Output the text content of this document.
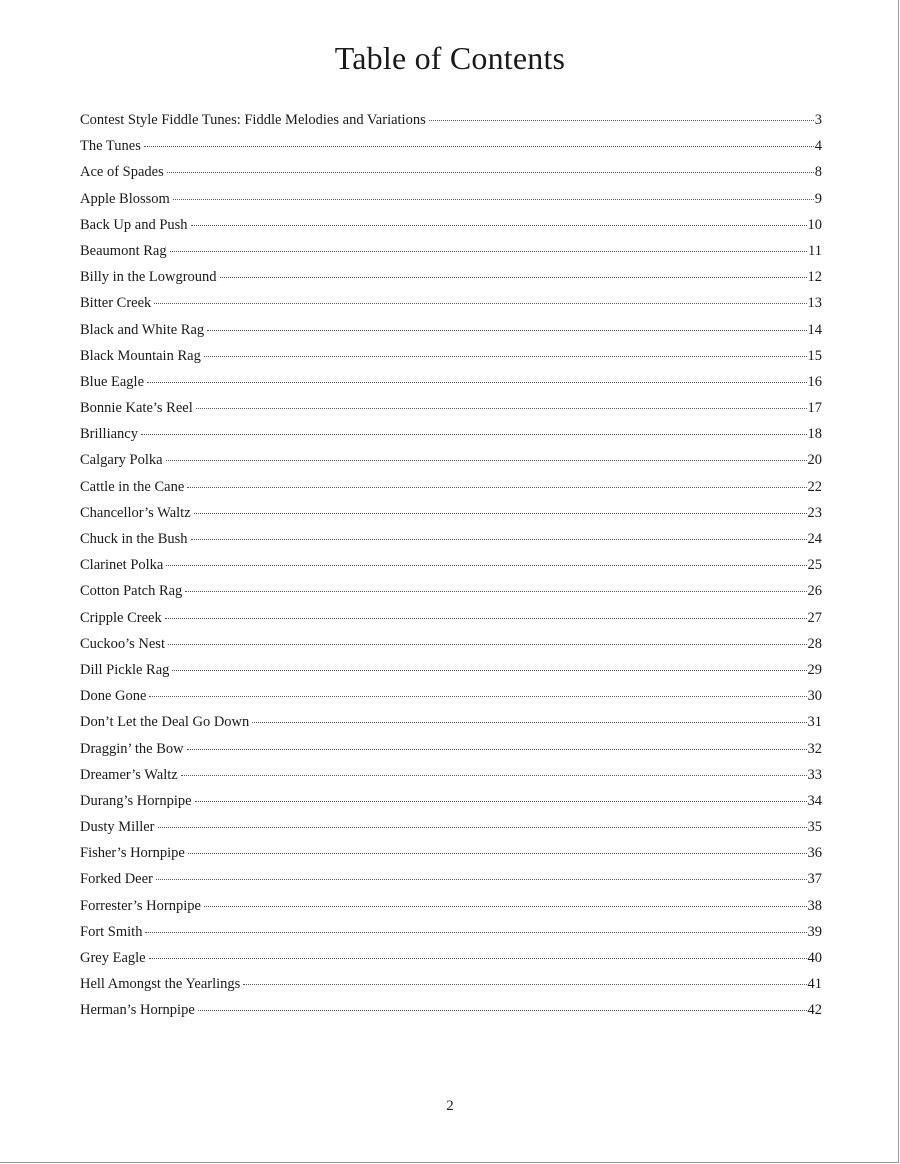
Table of Contents
Contest Style Fiddle Tunes: Fiddle Melodies and Variations	3
The Tunes	4
Ace of Spades	8
Apple Blossom	9
Back Up and Push	10
Beaumont Rag	11
Billy in the Lowground	12
Bitter Creek	13
Black and White Rag	14
Black Mountain Rag	15
Blue Eagle	16
Bonnie Kate’s Reel	17
Brilliancy	18
Calgary Polka	20
Cattle in the Cane	22
Chancellor’s Waltz	23
Chuck in the Bush	24
Clarinet Polka	25
Cotton Patch Rag	26
Cripple Creek	27
Cuckoo’s Nest	28
Dill Pickle Rag	29
Done Gone	30
Don’t Let the Deal Go Down	31
Draggin’ the Bow	32
Dreamer’s Waltz	33
Durang’s Hornpipe	34
Dusty Miller	35
Fisher’s Hornpipe	36
Forked Deer	37
Forrester’s Hornpipe	38
Fort Smith	39
Grey Eagle	40
Hell Amongst the Yearlings	41
Herman’s Hornpipe	42
2
